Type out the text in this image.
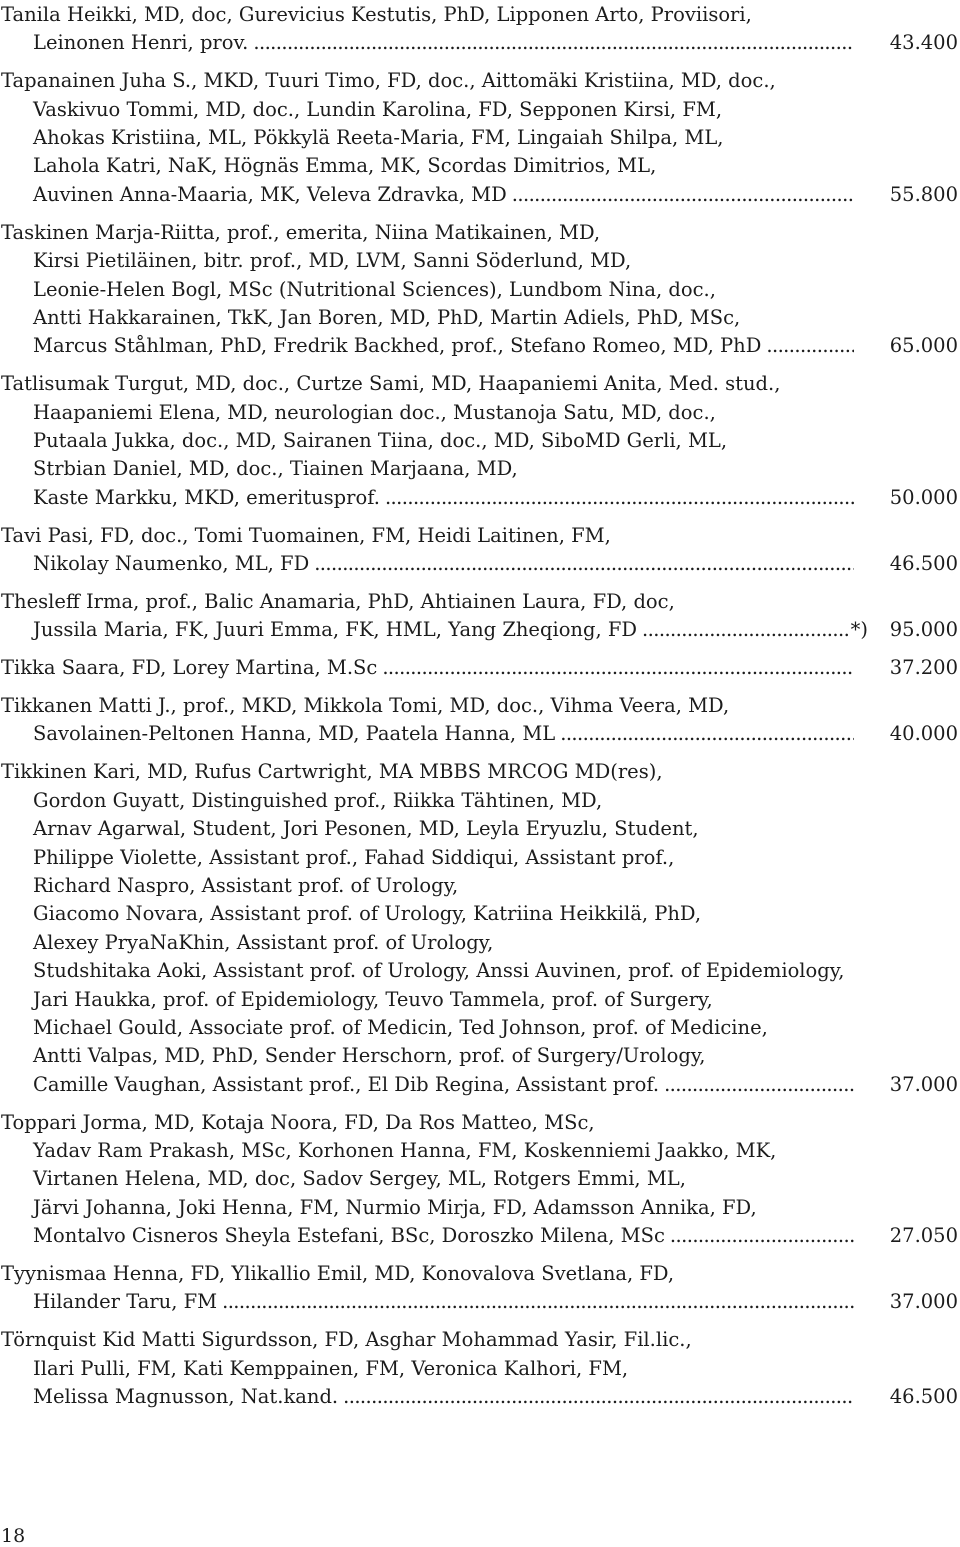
Tanila Heikki, MD, doc, Gurevicius Kestutis, PhD, Lipponen Arto, Proviisori,
Leinonen Henri, prov. .....	43.400
Tapanainen Juha S., MKD, Tuuri Timo, FD, doc., Aittomäki Kristiina, MD, doc.,
Vaskivuo Tommi, MD, doc., Lundin Karolina, FD, Sepponen Kirsi, FM,
Ahokas Kristiina, ML, Pökkylä Reeta-Maria, FM, Lingaiah Shilpa, ML,
Lahola Katri, NaK, Högnäs Emma, MK, Scordas Dimitrios, ML,
Auvinen Anna-Maaria, MK, Veleva Zdravka, MD .....	55.800
Taskinen Marja-Riitta, prof., emerita, Niina Matikainen, MD,
Kirsi Pietiläinen, bitr. prof., MD, LVM, Sanni Söderlund, MD,
Leonie-Helen Bogl, MSc (Nutritional Sciences), Lundbom Nina, doc.,
Antti Hakkarainen, TkK, Jan Boren, MD, PhD, Martin Adiels, PhD, MSc,
Marcus Ståhlman, PhD, Fredrik Backhed, prof., Stefano Romeo, MD, PhD .....	65.000
Tatlisumak Turgut, MD, doc., Curtze Sami, MD, Haapaniemi Anita, Med. stud.,
Haapaniemi Elena, MD, neurologian doc., Mustanoja Satu, MD, doc.,
Putaala Jukka, doc., MD, Sairanen Tiina, doc., MD, SiboMD Gerli, ML,
Strbian Daniel, MD, doc., Tiainen Marjaana, MD,
Kaste Markku, MKD, emeritusprof. .....	50.000
Tavi Pasi, FD, doc., Tomi Tuomainen, FM, Heidi Laitinen, FM,
Nikolay Naumenko, ML, FD .....	46.500
Thesleff Irma, prof., Balic Anamaria, PhD, Ahtiainen Laura, FD, doc,
Jussila Maria, FK, Juuri Emma, FK, HML, Yang Zheqiong, FD .....	*)	95.000
Tikka Saara, FD, Lorey Martina, M.Sc .....	37.200
Tikkanen Matti J., prof., MKD, Mikkola Tomi, MD, doc., Vihma Veera, MD,
Savolainen-Peltonen Hanna, MD, Paatela Hanna, ML .....	40.000
Tikkinen Kari, MD, Rufus Cartwright, MA MBBS MRCOG MD(res),
Gordon Guyatt, Distinguished prof., Riikka Tähtinen, MD,
Arnav Agarwal, Student, Jori Pesonen, MD, Leyla Eryuzlu, Student,
Philippe Violette, Assistant prof., Fahad Siddiqui, Assistant prof.,
Richard Naspro, Assistant prof. of Urology,
Giacomo Novara, Assistant prof. of Urology, Katriina Heikkilä, PhD,
Alexey PryaNaKhin, Assistant prof. of Urology,
Studshitaka Aoki, Assistant prof. of Urology, Anssi Auvinen, prof. of Epidemiology,
Jari Haukka, prof. of Epidemiology, Teuvo Tammela, prof. of Surgery,
Michael Gould, Associate prof. of Medicin, Ted Johnson, prof. of Medicine,
Antti Valpas, MD, PhD, Sender Herschorn, prof. of Surgery/Urology,
Camille Vaughan, Assistant prof., El Dib Regina, Assistant prof. .....	37.000
Toppari Jorma, MD, Kotaja Noora, FD, Da Ros Matteo, MSc,
Yadav Ram Prakash, MSc, Korhonen Hanna, FM, Koskenniemi Jaakko, MK,
Virtanen Helena, MD, doc, Sadov Sergey, ML, Rotgers Emmi, ML,
Järvi Johanna, Joki Henna, FM, Nurmio Mirja, FD, Adamsson Annika, FD,
Montalvo Cisneros Sheyla Estefani, BSc, Doroszko Milena, MSc .....	27.050
Tyynismaa Henna, FD, Ylikallio Emil, MD, Konovalova Svetlana, FD,
Hilander Taru, FM .....	37.000
Törnquist Kid Matti Sigurdsson, FD, Asghar Mohammad Yasir, Fil.lic.,
Ilari Pulli, FM, Kati Kemppainen, FM, Veronica Kalhori, FM,
Melissa Magnusson, Nat.kand. .....	46.500
18
